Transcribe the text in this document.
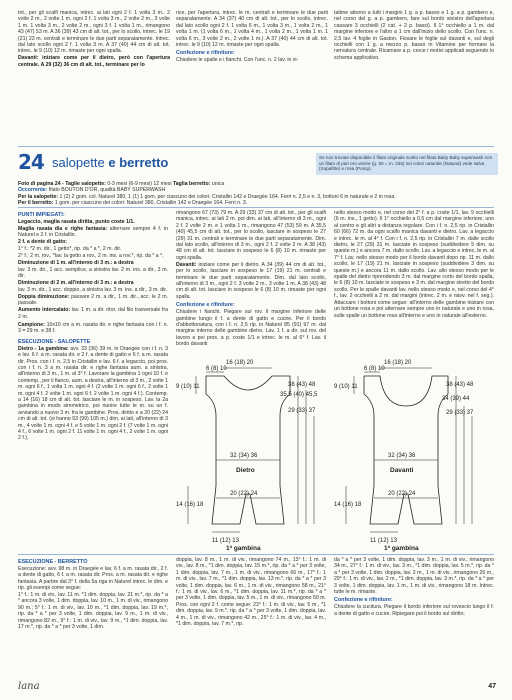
tot., per gli scalfi manica, intrec. ai lati ogni 2 f. 1 volta 3 m., 2 volte 2 m., 2 volte 1 m. ogni 2 f. 1 volta 3 m., 2 volte 2 m., 3 volte 1 m. 1 volta 3 m., 2 volte 2 m., ogni 3 f. 1 volta 1 m., rimangono 43 (47) 53 m. A 36 (39) 43 cm di alt. tot., per lo scollo, intrec. le 19 (21) 23 m. centrali e terminare le due parti separatamente. Intrec. dal lato scollo ogni 2 f. 1 volta 3 m. A 37 (40) 44 cm di alt. tot. intrec. le 9 (10) 12 m. rimaste per ogni spalla.

Davanti: iniziare come per il dietro, però con l'apertura centrale. A 29 (32) 36 cm di alt. tot., terminare per lo

rice, per l'apertura, intrec. le m. centrali e terminare le due parti separatamente. A 34 (37) 40 cm di alt. tot., per lo scollo, intrec. dal lato scollo ogni 2 f. 1 volta 6 m., 1 volta 3 m., 1 volta 2 m., 1 volta 1 m. (1 volta 6 m., 1 volta 4 m., 1 volta 2 m., 1 volta 1 m. 1 volta 6 m., 3 volte 2 m., 2 volte 1 m.). A 37 (40) 44 cm di alt. tot. intrec. le 9 (10) 12 m. rimaste per ogni spalla.

Confezione e rifiniture:

Chiudere le spalle e i fianchi. Con l'unc. n. 2 lav. in vi-

tatime attorno a tutti i margini 1 g. a p. basso e 1 g. a p. gambero e, nel corso del g. a p. gambero, fare sul bordo sinistro dell'apertura causare 3 occhielli (2 cat. + 2 p. bassi). Il 1° occhiello a 1 m. dal margine inferiore e l'altro a 1 cm dall'inizio dello scollo. Con l'unc. n. 2,5 lav. 4 foglie in Gaston. Fissare le foglie sul davanti e, sul degli occhielli con 1 g. a mezzo p. basso in Vitamine per formare la nervatura centrale. Ricamare a p. croce i motivi applicati seguendo lo schema applicativo.

24 salopette e berretto	Se non trovate disponibile il filato originale scelto nel filato Baby Baby superwash con un filato di pari oro venire (g. 50 = m. 235) nei colori naturale (Natural) vede salva (Sopafitte) e rosa (Pomp).

Foto di pagina 24 - Taglie salopette: 0-3 mesi (6-9 mesi) 12 mesi Taglia berretto: unica

Occorrente: filato BOUTON D'OR, qualità BABY SUPERWASH

Per la salopette: 1 (2) 2 gom. col. Naturel 380, 1 (1) 1 gom. per ciascuno dei colori: Cristallin 142 e Draegée 164. Ferri n. 2,5 e n. 3, bottoni 6 in naturale e 2 in rosa.

Per il berretto: 1 gom. per ciascuno dei colori: Naturel 380, Cristallin 142 e Draegée 164. Ferri n. 3.

PUNTI IMPIEGATI:

Legaccio, maglia rasata diritta, punto coste 1/1.

Maglia rasata dia e righe fantasia: alternare sempre 4 f. in Naturel e 2 f. in Cristallin.

2 f. a dente di gatto:

1° f.: *2 m. dir., 1 getto*, rip. da * a *, 2 m. dir.

2° f.: 2 m. rov., *lav. la getto a rov., 2 m. ins. a rov.*, rip. da * a *.

Diminuzione di 1 m. all'interno di 3 m.: a destra

lav. 3 m. dir., 1 acc. semplice, a sinistra lav. 2 m. ins. a dir., 3 m. dir.

Diminuzione di 2 m. all'interno di 3 m.: a destra

lav. 3 m. dir., 1 acc. doppio, a sinistra lav. 3 m. ins. a dir., 3 m. dir.

Doppia diminuzione: passare 2 m. a dir., 1 m. dir., acc. le 2 m. passate.

Aumento intercalato: lav. 1 m. a dir. ritor. dal filo trasversale fra 2 m.

Campione: 10x10 cm a m. rasata dir. e righe fantasia con i f. n. 3 = 29 m. e 38 f.

ESECUZIONE - SALOPETTE

Dietro - 1a gambina: avv. 33 (36) 39 m. in Draegée con i f. n. 3 e lav. 6 f. a m. rasata dir. e 2 f. a dente di gatto e 6 f. a m. rasata dir. Pros. con i f. n. 2,5 in Cristallin e lav. 6 f. a legaccio, poi pros. con i f. n. 3 a m. rasata dir. e righe fantasia aum. a sinistra, all'interno di 3 m., 1 m. al 3° f. Lavorare la gambina 1 ogni 10 f. e contemp., per il fianco, aum. a destra, all'interno di 3 m., 2 volte 1 m. ogni 6 f., 1 volta 1 m. ogni 4 f. (2 volte 1 m. ogni 6 f., 2 volte 1 m. ogni 4 f. 2 volte 1 m. ogni 6 f. 2 volte 1 m. ogni 4 f.). Contemp. a 14 (16) 18 cm di alt. tot. lasciare le m. in sospeso. Lav. la 2a gambina in modo simmetrico, poi riunire tutte le m. su un f. avviando a nuovo 3 m. fra le gambine. Pros. diritto e a 20 (22) 24 cm di alt. tot. (si hanno 93 (99) 105 m.) dim. ai lati, all'interno di 3 m., 4 volte 1 m. ogni 4 f. e 5 volte 1 m. ogni 2 f. (7 volte 1 m. ogni 4 f., 6 volte 1 m. ogni 2 f. 11 volte 1 m. ogni 4 f., 2 volte 1 m. ogni 2 f.),

rimangono 67 (73) 79 m. A 29 (33) 37 cm di alt. tot., per gli scalfi manica, intrec. ai lati 2 m. poi dim. ai lati, all'interno di 3 m., ogni 2 f. 2 volte 2 m. e 1 volta 1 m., rimangono 47 (53) 59 m. A 35,5 (40) 45,5 cm di alt. tot., per lo scollo, lasciare in sospeso le 27 (29) 31 m. centrali e terminare le due parti separatamente. Dim. dal lato scollo, all'interno di 3 m., ogni 2 f. 2 volte 2 m. A 38 (43) 48 cm di alt. tot. lasciare in sospeso le 6 (8) 10 m. rimaste per ogni spalla.

Davanti: iniziare come per il dietro. A 34 (39) 44 cm di alt. tot., per lo scollo, lasciare in sospeso le 17 (19) 21 m. centrali e terminare le due parti separatamente. Dim. dal lato scollo, all'interno di 3 m., ogni 2 f. 3 volte 2 m., 3 volte 1 m. A 38 (43) 48 cm di alt. tot. lasciare in sospeso le 6 (8) 10 m. rimaste per ogni spalla.

Confezione e rifiniture:

Chiudere i fianchi. Piegare sul rov. il margine inferiore delle gambine lungo il f. a dente di gatto e cucire. Per il bordo d'abbottonatura, con i f. n. 2,5 rip. in Naturel 85 (91) 97 m. dal margine interno delle gambine dietro. Lav. 1 f. a dir. sul rov. del lavoro e poi pros. a p. coste 1/1 e intrec. le m. al 6° f. Lav. il bordo davanti

nello stesso modo e, nel corso del 2° f. a p. coste 1/1, lav. 9 occhielli (6 m. ins., 1 getto). Il 1° occhiello a 0,5 cm dal margine inferiore, uno al centro e gli altri a distanza regolare. Con i f. n. 2,5 rip. in Cristallin 60 (66) 72 m. da ogni scalfo manica davanti e dietro. Lav. a legaccio e intrec. le m. al 4° f. Con i f. n. 2,5 rip. in Cristallin 7 m. dalle scollo dietro, le 27 (29) 31 m. lasciate in sospeso (suddividere 5 dim. su queste m.) e ancora 7 m. dallo scollo. Lav. a legaccio e intrec. le m. al 7° f. Lav. nello stesso modo per il bordo davanti dopo rip. 11 m. dallo scollo, le 17 (19) 21 m. lasciate in sospeso (suddividere 3 dim. su queste m.) e ancora 11 m. dallo scollo. Lav. allo stesso modo per le spalle del dietro riprendendo 3 m. dal margine corto del bordo spalla, le 6 (8) 10 m. lasciate in sospeso e 3 m. dal margine stretto del bordo scollo. Per le spalle davanti lav. nello stesso modo e, nel corso del 4° f., lav. 2 occhielli a 2 m. dal margini (intrec. 2 m. e riavv. nel f. seg.). Attaccare i bottoni come segue: all'interno delle gambine iniziare con un bottone rosa e poi alternare sempre uno in naturale e uno in rosa, sulle spalle un bottone rosa all'interno e uno in naturale all'esterno.

16 (18) 20
6 (8) 10
9 (10) 11	38 (43) 48
35,5 (40) 45,5
29 (33) 37
32 (34) 36
Dietro
20 (22) 24
14 (16) 18
11 (12) 13
1ª gambina
16 (18) 20
6 (8) 10
9 (10) 11	38 (43) 48
34 (39) 44
29 (33) 37
32 (34) 36
Davanti
20 (22) 24
14 (16) 18
11 (12) 13
1ª gambina

ESECUZIONE - BERRETTO

Esecuzione: avv. 98 m. in Draegée e lav. 6 f. a m. rasata dir., 2 f. a dente di gatto, 6 f. a m. rasata dir. Pros. a m. rasata dir. e righe fantasia. A partire dal 3° f. della 5a riga in Naturel intrec. le dim. e rip. gli esempi come segue:

1° f.: 1 m. di viv., lav. 11 m. *1 dim. doppia, lav. 21 m.*, rip. da * a * ancora 3 volte, 1 dim. doppia, lav. 10 m., 1 m. di viv., rimangono 90 m.; 5° f.: 1 m. di viv., lav. 10 m., *1 dim. doppia, lav. 19 m.*, rip. da * a * per 3 volte, 1 dim. doppia, lav. 9 m., 1 m. di viv., rimangono 82 m., 9° f.: 1 m. di viv., lav. 9 m., *1 dim. doppia, lav. 17 m.*, rip. da * a * per 3 volte, 1 dim.

doppia, lav. 8 m., 1 m. di viv., rimangono 74 m., 13° f.: 1 m. di viv., lav. 8 m., *1 dim. doppia, lav. 15 m.*, rip. da * a * per 3 volte, 1 dim. doppia, lav. 7 m., 1 m. di viv., rimangono 66 m., 17° f.: 1 m. di viv., lav. 7 m., *1 dim. doppia, lav. 13 m.*, rip. da * a * per 3 volte, 1 dim. doppia, lav. 6 m., 1 m. di viv., rimangono 58 m., 21° f.: 1 m. di viv., lav. 6 m., *1 dim. doppia, lav. 11 m.*, rip. da * a * per 3 volte, 1 dim. doppia, lav. 5 m., 1 m. di viv., rimangono 50 m. Pros. con ogni 2 f. come segue: 23° f.: 1 m. di viv., lav. 5 m., *1 dim. doppia, lav. 9 m.*, rip. da * a * per 3 volte, 1 dim. doppia, lav. 4 m., 1 m. di viv., rimangono 42 m., 25° f.: 1 m. di viv., lav. 4 m., *1 dim. doppia, lav. 7 m.*, rip.

da * a * per 3 volte, 1 dim. doppia, lav. 3 m., 1 m. di viv., rimangono 34 m., 27° f.: 1 m. di viv., lav. 3 m., *1 dim. doppia, lav. 5 m.*, rip. da * a * per 3 volte, 1 dim. doppia, lav. 2 m., 1 m. di viv., rimangono 26 m., 29° f.: 1 m. di viv., lav. 2 m., *1 dim. doppia, lav. 3 m.*, rip. da * a * per 3 volte, 1 dim. doppia, lav. 1 m., 1 m. di viv., rimangono 18 m. Intrec. tutte le m. rimaste.

Confezione e rifiniture:

Chiudere la cucitura. Piegare il bordo inferiore sul rovescio lungo il f. a dente di gatto e cucire. Ripiegare poi il bordo sul diritto.

lana	47
